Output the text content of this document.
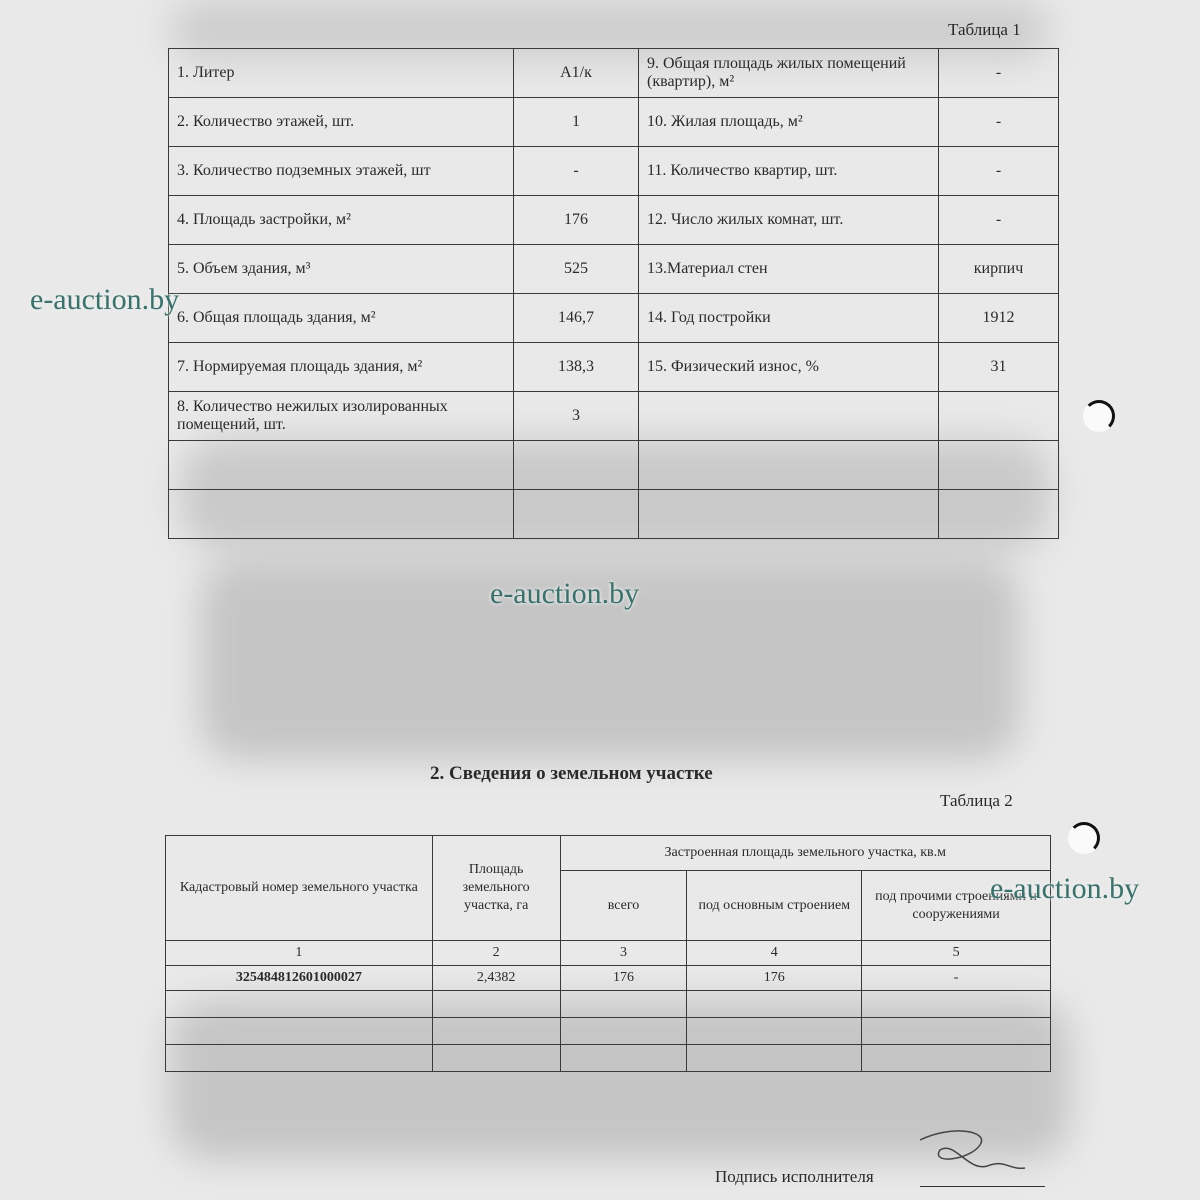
Таблица 1
1. Литер	А1/к	9. Общая площадь жилых помещений (квартир), м²	-
2. Количество этажей, шт.	1	10. Жилая площадь, м²	-
3. Количество подземных этажей, шт	-	11. Количество квартир, шт.	-
4. Площадь застройки, м²	176	12. Число жилых комнат, шт.	-
5. Объем здания, м³	525	13.Материал стен	кирпич
6. Общая площадь здания, м²	146,7	14. Год постройки	1912
7. Нормируемая площадь здания, м²	138,3	15. Физический износ, %	31
8. Количество нежилых изолированных помещений, шт.	3		

2. Сведения о земельном участке
Таблица 2
Кадастровый номер земельного участка	Площадь земельного участка, га	Застроенная площадь земельного участка, кв.м		
		всего	под основным строением	под прочими строениями и сооружениями
1	2	3	4	5
325484812601000027	2,4382	176	176	-

Подпись исполнителя
e-auction.by
e-auction.by
e-auction.by
